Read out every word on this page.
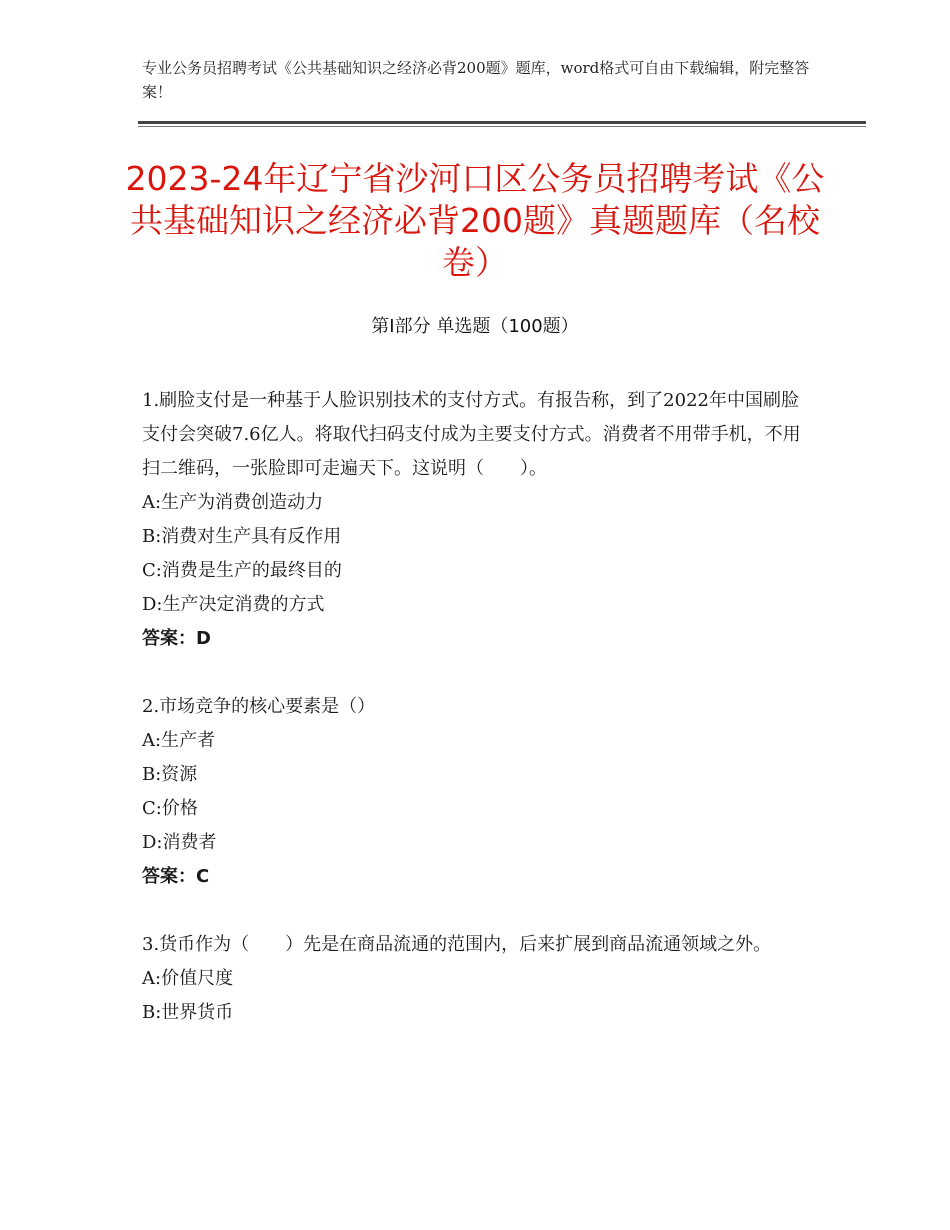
专业公务员招聘考试《公共基础知识之经济必背200题》题库，word格式可自由下载编辑，附完整答案！
2023-24年辽宁省沙河口区公务员招聘考试《公共基础知识之经济必背200题》真题题库（名校卷）
第Ⅰ部分 单选题（100题）

1.刷脸支付是一种基于人脸识别技术的支付方式。有报告称，到了2022年中国刷脸支付会突破7.6亿人。将取代扫码支付成为主要支付方式。消费者不用带手机，不用扫二维码，一张脸即可走遍天下。这说明（　　）。

A: 生产为消费创造动力

B: 消费对生产具有反作用

C: 消费是生产的最终目的

D: 生产决定消费的方式

答案：D

2.市场竞争的核心要素是（）

A: 生产者

B: 资源

C: 价格

D: 消费者

答案：C

3.货币作为（　　）先是在商品流通的范围内，后来扩展到商品流通领域之外。

A: 价值尺度

B: 世界货币
